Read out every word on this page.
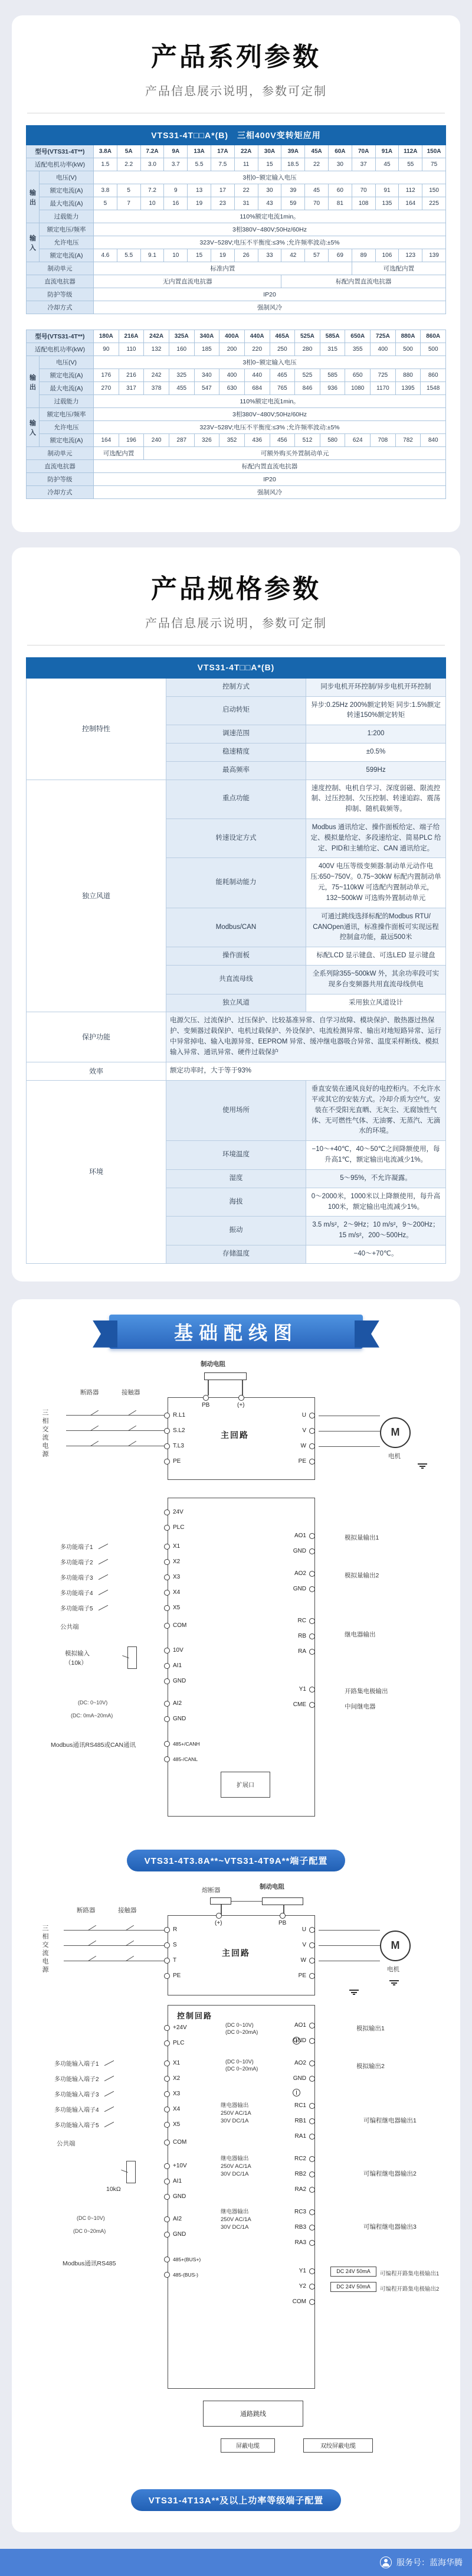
产品系列参数

产品信息展示说明，参数可定制

VTS31-4T□□A*(B)　三相400V变转矩应用																
型号(VTS31-4T**)		3.8A	5A	7.2A	9A	13A	17A	22A	30A	39A	45A	60A	70A	91A	112A	150A
适配电机功率(kW)		1.5	2.2	3.0	3.7	5.5	7.5	11	15	18.5	22	30	37	45	55	75
输出	电压(V)	3相0~额定输入电压														
	额定电流(A)	3.8	5	7.2	9	13	17	22	30	39	45	60	70	91	112	150
	最大电流(A)	5	7	10	16	19	23	31	43	59	70	81	108	135	164	225
	过载能力	110%额定电流1min。														
输入	额定电压/频率	3相380V~480V;50Hz/60Hz														
	允许电压	323V~528V;电压不平衡度:≤3% ;允许频率波动:±5%														
	额定电流(A)	4.6	5.5	9.1	10	15	19	26	33	42	57	69	89	106	123	139
制动单元		标准内置											可选配内置			
直流电抗器		无内置直流电抗器								标配内置直流电抗器						
防护等级		IP20														
冷却方式		强制风冷														
型号(VTS31-4T**)		180A	216A	242A	325A	340A	400A	440A	465A	525A	585A	650A	725A	880A	860A
适配电机功率(kW)		90	110	132	160	185	200	220	250	280	315	355	400	500	500
输出	电压(V)	3相0~额定输入电压													
	额定电流(A)	176	216	242	325	340	400	440	465	525	585	650	725	880	860
	最大电流(A)	270	317	378	455	547	630	684	765	846	936	1080	1170	1395	1548
	过载能力	110%额定电流1min。													
输入	额定电压/频率	3相380V~480V;50Hz/60Hz													
	允许电压	323V~528V;电压不平衡度:≤3% ;允许频率波动:±5%													
	额定电流(A)	164	196	240	287	326	352	436	456	512	580	624	708	782	840
制动单元		可选配内置		可额外购买外置制动单元											
直流电抗器		标配内置直流电抗器													
防护等级		IP20													
冷却方式		强制风冷													
产品规格参数

产品信息展示说明，参数可定制

VTS31-4T□□A*(B)		
控制特性	控制方式	同步电机开环控制/异步电机开环控制
	启动转矩	异步:0.25Hz 200%额定转矩 同步:1.5%额定转速150%额定转矩
	调速范围	1:200
	稳速精度	±0.5%
	最高频率	599Hz
独立风道	重点功能	速度控制、电机自学习、深度弱磁、限流控制、过压控制、欠压控制、转速追踪、震荡抑制、随机载频等。
	转速设定方式	Modbus 通讯给定、操作面板给定、端子给定、模拟量给定、多段速给定、简易PLC 给定、PID和主辅给定、CAN 通讯给定。
	能耗制动能力	400V 电压等级变频器:制动单元动作电压:650~750V。0.75~30kW 标配内置制动单元，75~110kW 可选配内置制动单元，132~500kW 可选购外置制动单元
	Modbus/CAN	可通过跳线选择标配的Modbus RTU/ CANOpen通讯，标准操作面板可实现远程控制盒功能，最远500米
	操作面板	标配LCD 显示键盘、可选LED 显示键盘
	共直流母线	全系列除355~500kW 外，其余功率段可实现多台变频器共用直流母线供电
	独立风道	采用独立风道设计
保护功能	电源欠压、过流保护、过压保护、比较基准异常、自学习故障、模块保护、散热器过热保护、变频器过载保护、电机过载保护、外设保护、电流检测异常、输出对地短路异常、运行中异常掉电、输入电源异常、EEPROM 异常、缓冲继电器吸合异常、温度采样断线、模拟输入异常、通讯异常、硬件过载保护	
效率	额定功率时，大于等于93%	
环境	使用场所	垂直安装在通风良好的电控柜内。不允许水平或其它的安装方式。冷却介质为空气。安装在不受阳光直晒、无灰尘、无腐蚀性气体、无可燃性气体、无油雾、无蒸汽、无滴水的环境。
	环境温度	−10～+40℃，40～50℃之间降额使用，每升高1℃，额定输出电流减少1%。
	湿度	5～95%，不允许凝露。
	海拔	0～2000米，1000米以上降额使用，每升高100米，额定输出电流减少1%。
	振动	3.5 m/s²，2～9Hz；10 m/s²，9～200Hz；15 m/s²，200～500Hz。
	存储温度	−40～+70℃。
基础配线图
制动电阻
断路器	接触器
三相交流电源	主回路
PB	(+)
R.L1
S.L2
T.L3
PE
U
V
W
PE
M
电机
24V
PLC
X1
X2
X3
X4
X5
COM
10V
AI1
GND
AI2
GND
485+/CANH
485-/CANL
多功能端子1
多功能端子2
多功能端子3
多功能端子4
多功能端子5
公共端
模拟输入
（10k）
(DC: 0~10V)
(DC: 0mA~20mA)
Modbus通讯RS485或CAN通讯
扩展口
AO1
GND
AO2
GND
RC
RB
RA
Y1
CME
模拟量输出1
模拟量输出2
继电器输出
开路集电极输出
中间继电器
VTS31-4T3.8A**~VTS31-4T9A**端子配置
熔断器	制动电阻
断路器	接触器
三相交流电源	主回路
(+)	PB
R
S
T
PE
U
V
W
PE
M
电机
控制回路
+24V
PLC
X1
X2
X3
X4
X5
COM
+10V
AI1
GND
AI2
GND
485+(BUS+)
485-(BUS-)
多功能输入端子1
多功能输入端子2
多功能输入端子3
多功能输入端子4
多功能输入端子5
公共端
10kΩ
(DC 0~10V)
(DC 0~20mA)
Modbus通讯RS485
AO1
GND
AO2
GND
(DC 0~10V)
(DC 0~20mA)
(DC 0~10V)
(DC 0~20mA)
模拟输出1
模拟输出2
继电器输出
250V AC/1A
30V DC/1A
RC1
RB1
RA1
可编程继电器输出1
继电器输出
250V AC/1A
30V DC/1A
RC2
RB2
RA2
可编程继电器输出2
继电器输出
250V AC/1A
30V DC/1A
RC3
RB3
RA3
可编程继电器输出3
Y1
Y2
COM
DC 24V 50mA	可编程开路集电极输出1
DC 24V 50mA	可编程开路集电极输出2
通路跳线
屏蔽电缆	双绞屏蔽电缆
VTS31-4T13A**及以上功率等级端子配置
服务号：蓝海华腾
